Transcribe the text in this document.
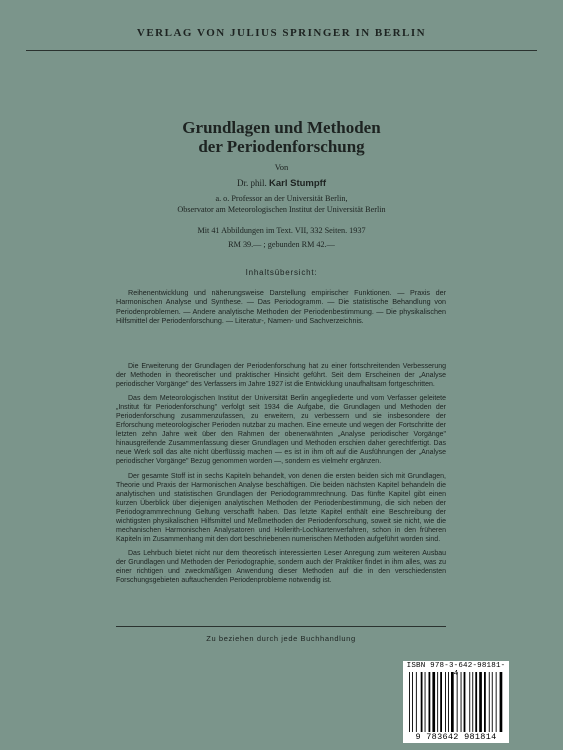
VERLAG VON JULIUS SPRINGER IN BERLIN
Grundlagen und Methoden
der Periodenforschung
Von
Dr. phil. Karl Stumpff
a. o. Professor an der Universität Berlin,
Observator am Meteorologischen Institut der Universität Berlin
Mit 41 Abbildungen im Text. VII, 332 Seiten. 1937
RM 39.— ; gebunden RM 42.—
Inhaltsübersicht:
Reihenentwicklung und näherungsweise Darstellung empirischer Funktionen. — Praxis der Harmonischen Analyse und Synthese. — Das Periodogramm. — Die statistische Behandlung von Periodenproblemen. — Andere analytische Methoden der Periodenbestimmung. — Die physikalischen Hilfsmittel der Periodenforschung. — Literatur-, Namen- und Sachverzeichnis.

Die Erweiterung der Grundlagen der Periodenforschung hat zu einer fortschreitenden Verbesserung der Methoden in theoretischer und praktischer Hinsicht geführt. Seit dem Erscheinen der „Analyse periodischer Vorgänge" des Verfassers im Jahre 1927 ist die Entwicklung unaufhaltsam fortgeschritten.

Das dem Meteorologischen Institut der Universität Berlin angegliederte und vom Verfasser geleitete „Institut für Periodenforschung" verfolgt seit 1934 die Aufgabe, die Grundlagen und Methoden der Periodenforschung zusammenzufassen, zu erweitern, zu verbessern und sie insbesondere der Erforschung meteorologischer Perioden nutzbar zu machen. Eine erneute und wegen der Fortschritte der letzten zehn Jahre weit über den Rahmen der obenerwähnten „Analyse periodischer Vorgänge" hinausgreifende Zusammenfassung dieser Grundlagen und Methoden erschien daher gerechtfertigt. Das neue Werk soll das alte nicht überflüssig machen — es ist in ihm oft auf die Ausführungen der „Analyse periodischer Vorgänge" Bezug genommen worden —, sondern es vielmehr ergänzen.

Der gesamte Stoff ist in sechs Kapiteln behandelt, von denen die ersten beiden sich mit Grundlagen, Theorie und Praxis der Harmonischen Analyse beschäftigen. Die beiden nächsten Kapitel behandeln die analytischen und statistischen Grundlagen der Periodogrammrechnung. Das fünfte Kapitel gibt einen kurzen Überblick über diejenigen analytischen Methoden der Periodenbestimmung, die sich neben der Periodogrammrechnung Geltung verschafft haben. Das letzte Kapitel enthält eine Beschreibung der wichtigsten physikalischen Hilfsmittel und Meßmethoden der Periodenforschung, soweit sie nicht, wie die mechanischen Harmonischen Analysatoren und Hollerith-Lochkartenverfahren, schon in den früheren Kapiteln im Zusammenhang mit den dort beschriebenen numerischen Methoden aufgeführt worden sind.

Das Lehrbuch bietet nicht nur dem theoretisch interessierten Leser Anregung zum weiteren Ausbau der Grundlagen und Methoden der Periodographie, sondern auch der Praktiker findet in ihm alles, was zu einer richtigen und zweckmäßigen Anwendung dieser Methoden auf die in den verschiedensten Forschungsgebieten auftauchenden Periodenprobleme notwendig ist.

Zu beziehen durch jede Buchhandlung
ISBN 978-3-642-98181-4
9 783642 981814
